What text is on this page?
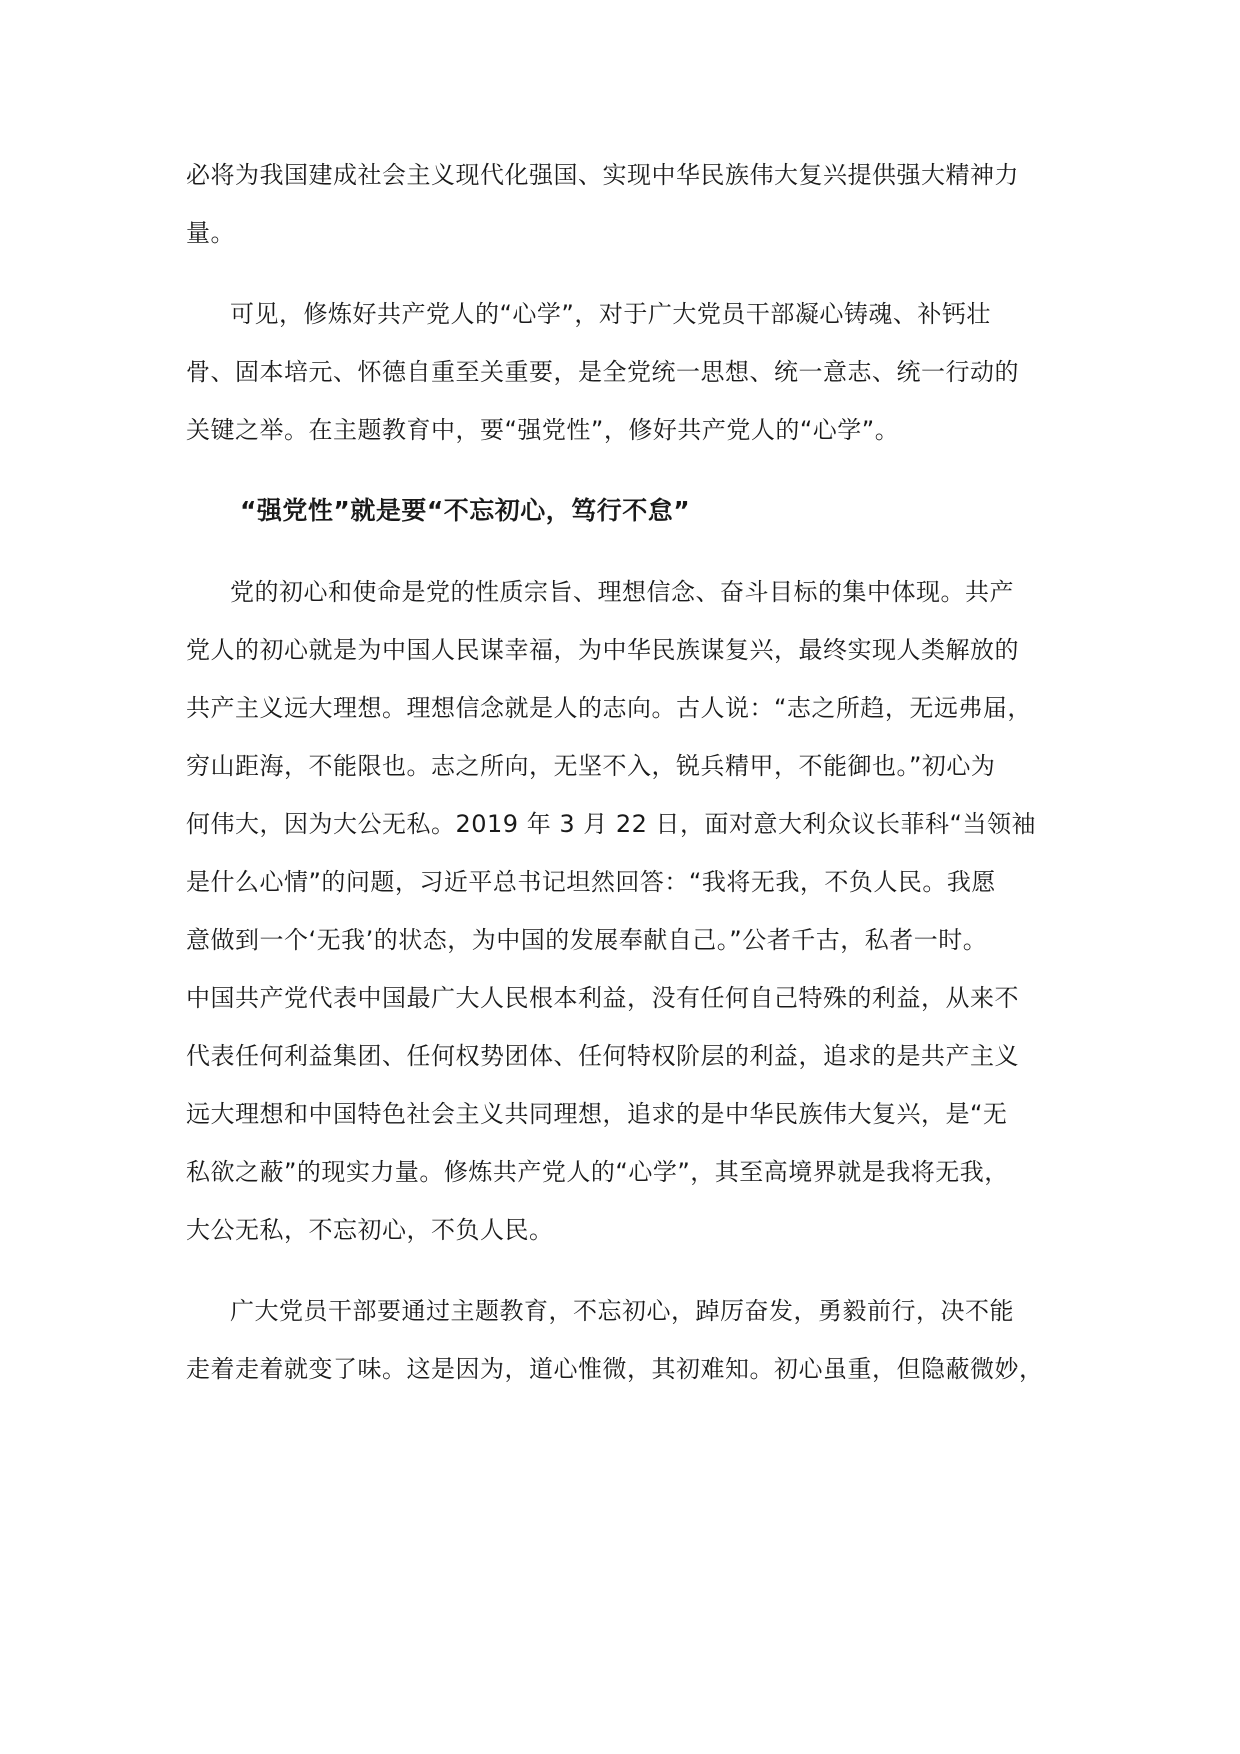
必将为我国建成社会主义现代化强国、实现中华民族伟大复兴提供强大精神力
量。
可见，修炼好共产党人的“心学”，对于广大党员干部凝心铸魂、补钙壮
骨、固本培元、怀德自重至关重要，是全党统一思想、统一意志、统一行动的
关键之举。在主题教育中，要“强党性”，修好共产党人的“心学”。
“强党性”就是要“不忘初心，笃行不怠”
党的初心和使命是党的性质宗旨、理想信念、奋斗目标的集中体现。共产
党人的初心就是为中国人民谋幸福，为中华民族谋复兴，最终实现人类解放的
共产主义远大理想。理想信念就是人的志向。古人说：“志之所趋，无远弗届，
穷山距海，不能限也。志之所向，无坚不入，锐兵精甲，不能御也。”初心为
何伟大，因为大公无私。2019 年 3 月 22 日，面对意大利众议长菲科“当领袖
是什么心情”的问题，习近平总书记坦然回答：“我将无我，不负人民。我愿
意做到一个‘无我’的状态，为中国的发展奉献自己。”公者千古，私者一时。
中国共产党代表中国最广大人民根本利益，没有任何自己特殊的利益，从来不
代表任何利益集团、任何权势团体、任何特权阶层的利益，追求的是共产主义
远大理想和中国特色社会主义共同理想，追求的是中华民族伟大复兴，是“无
私欲之蔽”的现实力量。修炼共产党人的“心学”，其至高境界就是我将无我，
大公无私，不忘初心，不负人民。
广大党员干部要通过主题教育，不忘初心，踔厉奋发，勇毅前行，决不能
走着走着就变了味。这是因为，道心惟微，其初难知。初心虽重，但隐蔽微妙，
